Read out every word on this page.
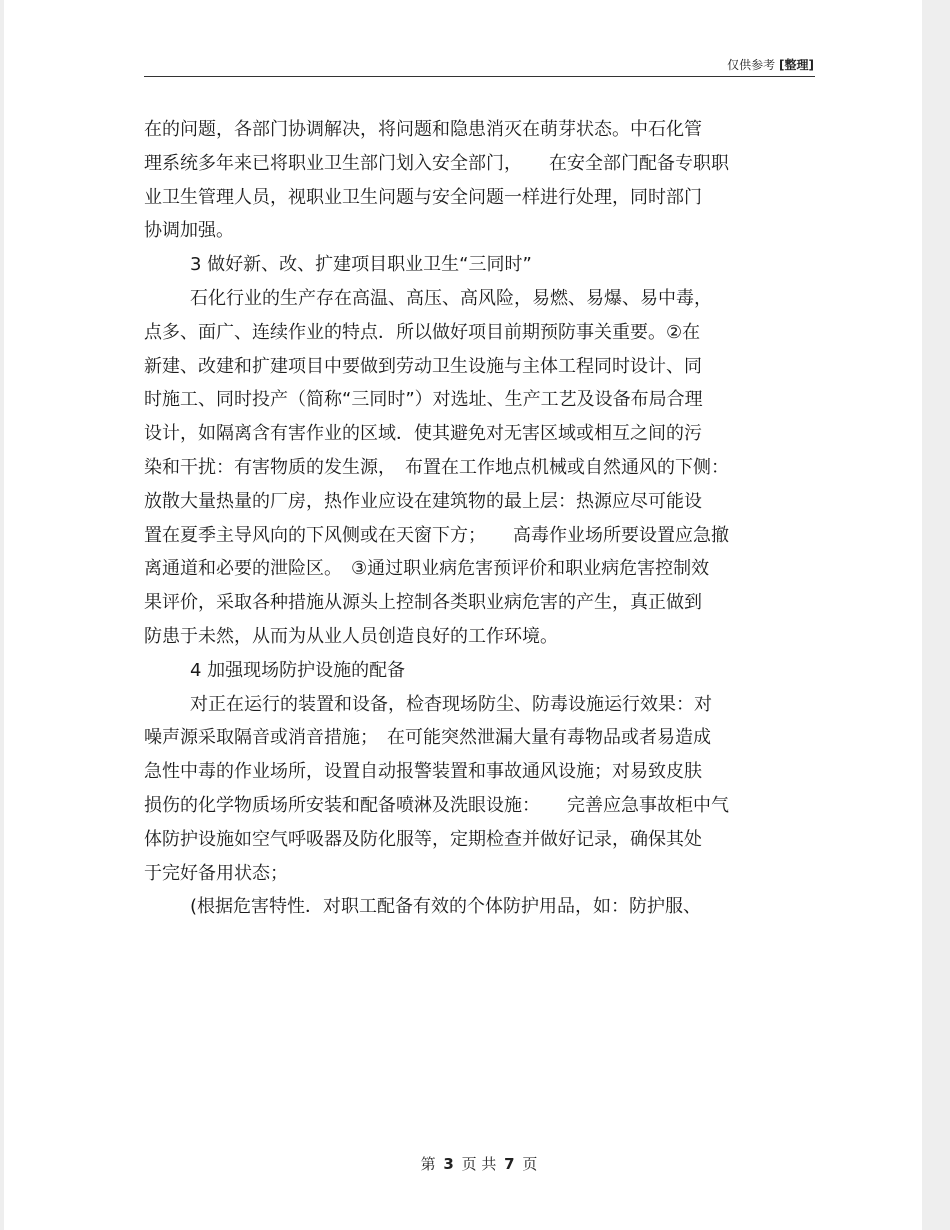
仅供参考 [整理]
在的问题，各部门协调解决，将问题和隐患消灭在萌芽状态。中石化管
理系统多年来已将职业卫生部门划入安全部门，　　在安全部门配备专职职
业卫生管理人员，视职业卫生问题与安全问题一样进行处理，同时部门
协调加强。
3 做好新、改、扩建项目职业卫生“三同时”
石化行业的生产存在高温、高压、高风险，易燃、易爆、易中毒，
点多、面广、连续作业的特点．所以做好项目前期预防事关重要。②在
新建、改建和扩建项目中要做到劳动卫生设施与主体工程同时设计、同
时施工、同时投产（简称“三同时”）对选址、生产工艺及设备布局合理
设计，如隔离含有害作业的区域．使其避免对无害区域或相互之间的污
染和干扰：有害物质的发生源，　布置在工作地点机械或自然通风的下侧：
放散大量热量的厂房，热作业应设在建筑物的最上层：热源应尽可能设
置在夏季主导风向的下风侧或在天窗下方；　　高毒作业场所要设置应急撤
离通道和必要的泄险区。　③通过职业病危害预评价和职业病危害控制效
果评价，采取各种措施从源头上控制各类职业病危害的产生，真正做到
防患于未然，从而为从业人员创造良好的工作环境。
4 加强现场防护设施的配备
对正在运行的装置和设备，检杳现场防尘、防毒设施运行效果：对
噪声源采取隔音或消音措施；　在可能突然泄漏大量有毒物品或者易造成
急性中毒的作业场所，设置自动报警装置和事故通风设施；对易致皮肤
损伤的化学物质场所安装和配备喷淋及洗眼设施：　　完善应急事故柜中气
体防护设施如空气呼吸器及防化服等，定期检查并做好记录，确保其处
于完好备用状态；
(根据危害特性．对职工配备有效的个体防护用品，如：防护服、
第 3 页 共 7 页
